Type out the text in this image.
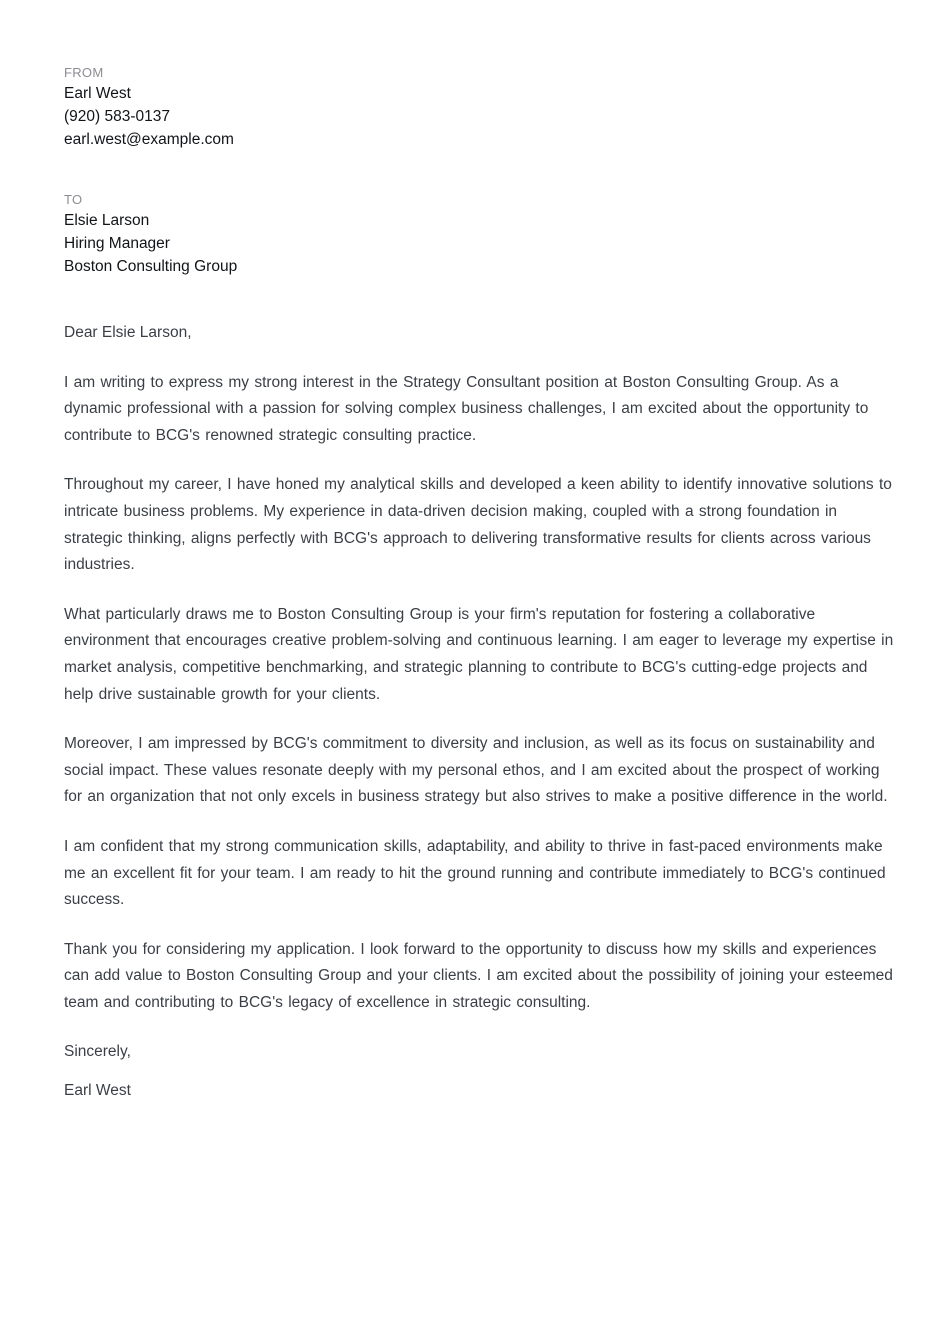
FROM

Earl West

(920) 583-0137

earl.west@example.com

TO

Elsie Larson

Hiring Manager

Boston Consulting Group

Dear Elsie Larson,

I am writing to express my strong interest in the Strategy Consultant position at Boston Consulting Group. As a dynamic professional with a passion for solving complex business challenges, I am excited about the opportunity to contribute to BCG's renowned strategic consulting practice.

Throughout my career, I have honed my analytical skills and developed a keen ability to identify innovative solutions to intricate business problems. My experience in data-driven decision making, coupled with a strong foundation in strategic thinking, aligns perfectly with BCG's approach to delivering transformative results for clients across various industries.

What particularly draws me to Boston Consulting Group is your firm's reputation for fostering a collaborative environment that encourages creative problem-solving and continuous learning. I am eager to leverage my expertise in market analysis, competitive benchmarking, and strategic planning to contribute to BCG's cutting-edge projects and help drive sustainable growth for your clients.

Moreover, I am impressed by BCG's commitment to diversity and inclusion, as well as its focus on sustainability and social impact. These values resonate deeply with my personal ethos, and I am excited about the prospect of working for an organization that not only excels in business strategy but also strives to make a positive difference in the world.

I am confident that my strong communication skills, adaptability, and ability to thrive in fast-paced environments make me an excellent fit for your team. I am ready to hit the ground running and contribute immediately to BCG's continued success.

Thank you for considering my application. I look forward to the opportunity to discuss how my skills and experiences can add value to Boston Consulting Group and your clients. I am excited about the possibility of joining your esteemed team and contributing to BCG's legacy of excellence in strategic consulting.

Sincerely,

Earl West
